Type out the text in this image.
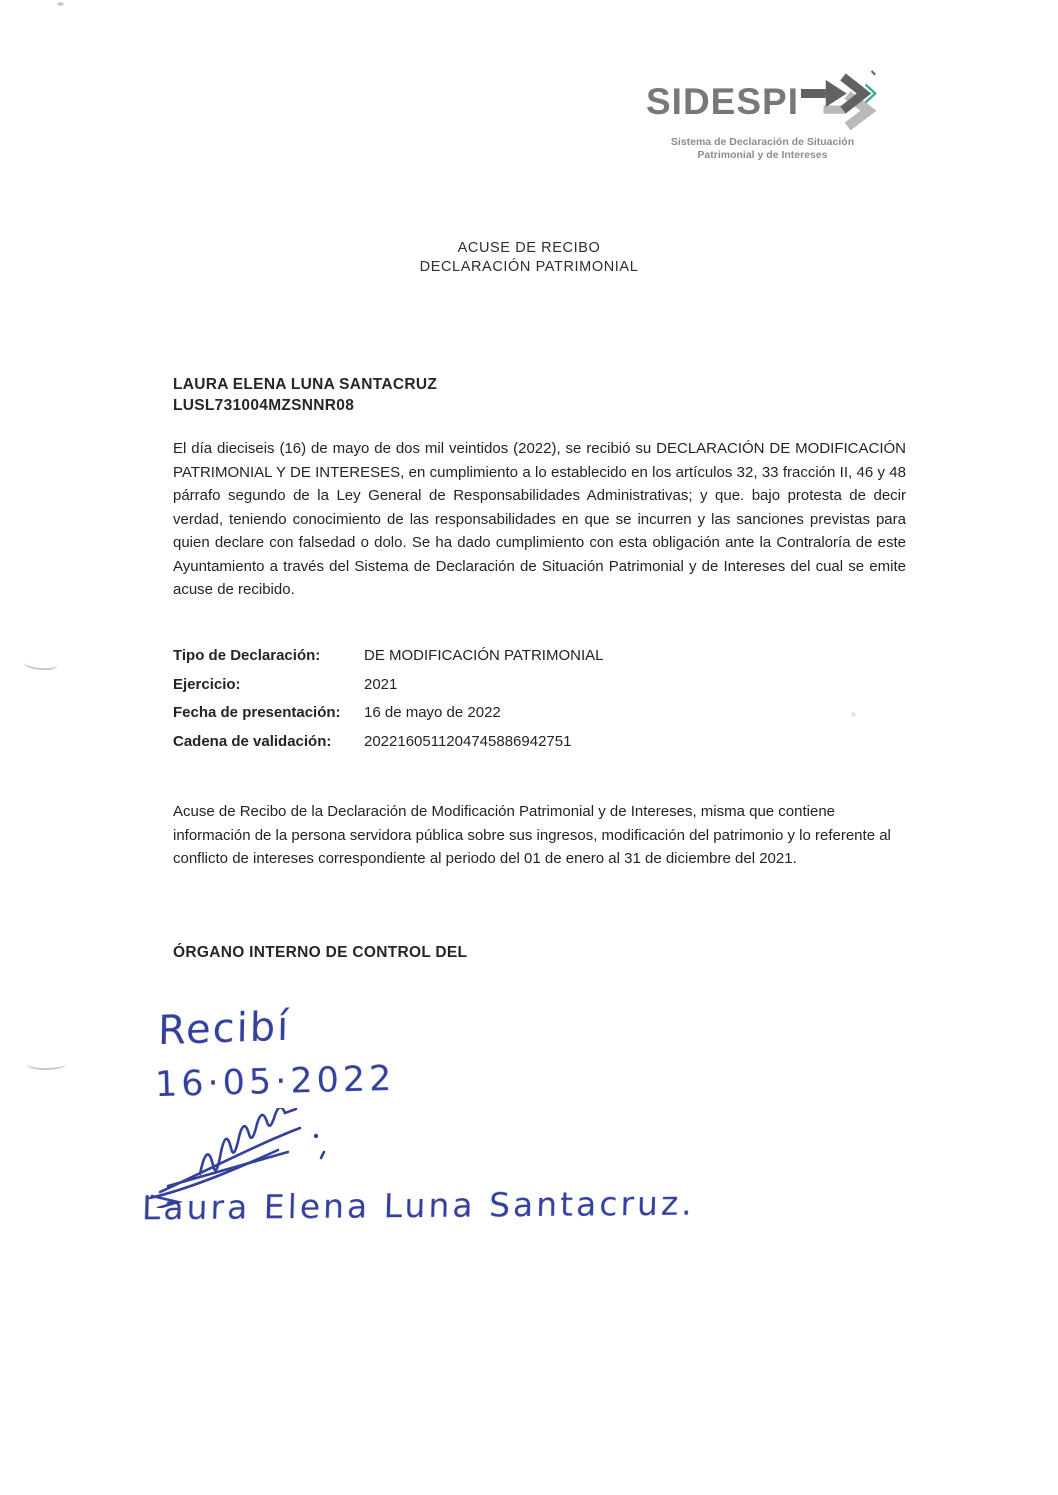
SIDESPI
Sistema de Declaración de Situación
Patrimonial y de Intereses
ACUSE DE RECIBO
DECLARACIÓN PATRIMONIAL
LAURA ELENA LUNA SANTACRUZ
LUSL731004MZSNNR08

El día dieciseis (16) de mayo de dos mil veintidos (2022), se recibió su DECLARACIÓN DE MODIFICACIÓN PATRIMONIAL Y DE INTERESES, en cumplimiento a lo establecido en los artículos 32, 33 fracción II, 46 y 48 párrafo segundo de la Ley General de Responsabilidades Administrativas; y que. bajo protesta de decir verdad, teniendo conocimiento de las responsabilidades en que se incurren y las sanciones previstas para quien declare con falsedad o dolo. Se ha dado cumplimiento con esta obligación ante la Contraloría de este Ayuntamiento a través del Sistema de Declaración de Situación Patrimonial y de Intereses del cual se emite acuse de recibido.

Tipo de Declaración:	DE MODIFICACIÓN PATRIMONIAL
Ejercicio:	2021
Fecha de presentación:	16 de mayo de 2022
Cadena de validación:	2022160511204745886942751

Acuse de Recibo de la Declaración de Modificación Patrimonial y de Intereses, misma que contiene información de la persona servidora pública sobre sus ingresos, modificación del patrimonio y lo referente al conflicto de intereses correspondiente al periodo del 01 de enero al 31 de diciembre del 2021.

ÓRGANO INTERNO DE CONTROL DEL
Recibí
16·05·2022
Laura Elena Luna Santacruz.
